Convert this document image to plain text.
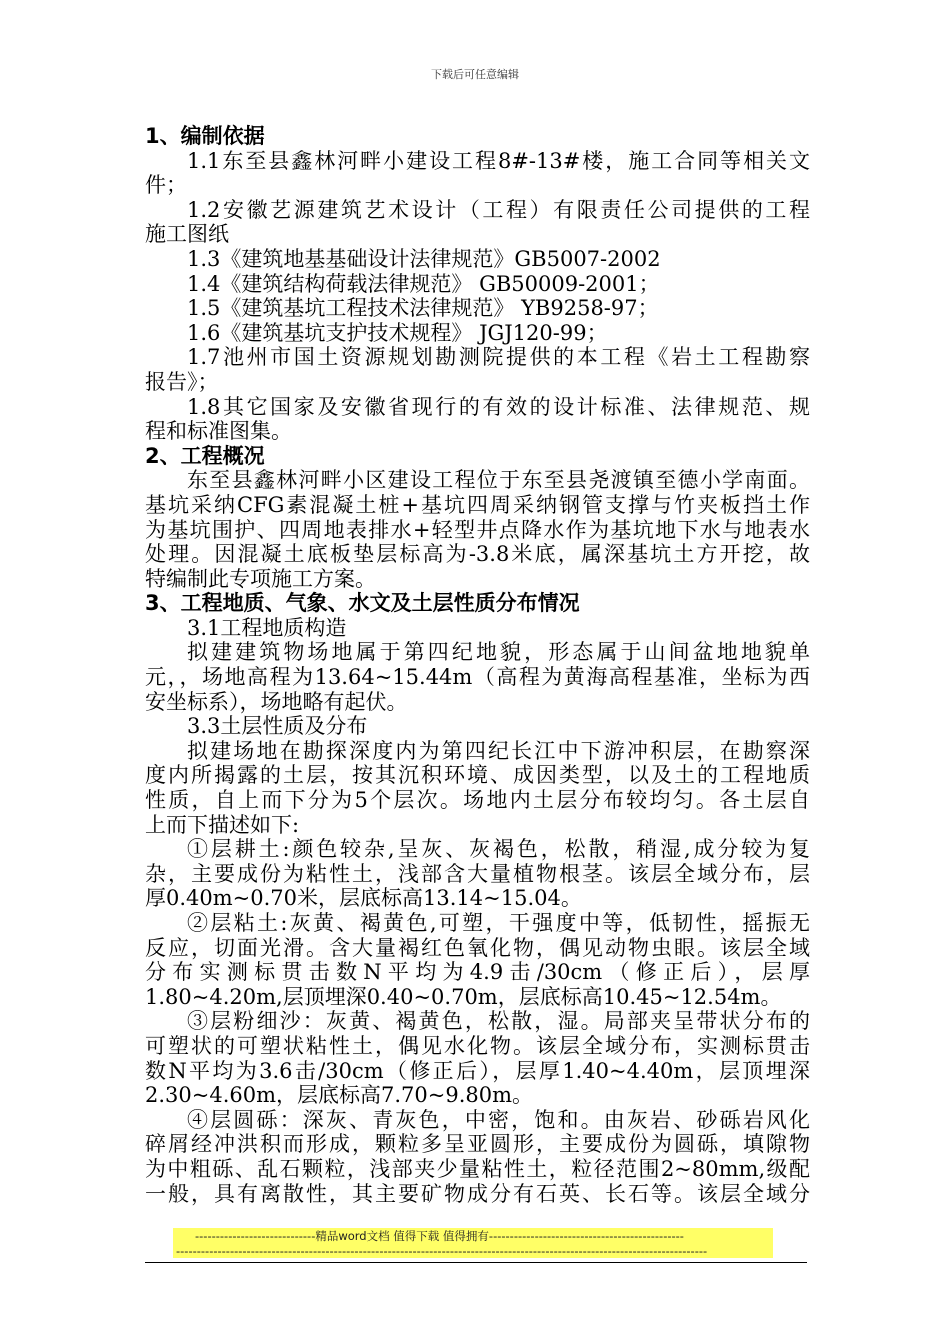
下载后可任意编辑
1、编制依据
1.1东至县鑫林河畔小建设工程8#-13#楼，施工合同等相关文
件；
1.2安徽艺源建筑艺术设计（工程）有限责任公司提供的工程
施工图纸
1.3《建筑地基基础设计法律规范》GB5007-2002
1.4《建筑结构荷载法律规范》 GB50009-2001；
1.5《建筑基坑工程技术法律规范》 YB9258-97；
1.6《建筑基坑支护技术规程》 JGJ120-99；
1.7池州市国土资源规划勘测院提供的本工程《岩土工程勘察
报告》；
1.8其它国家及安徽省现行的有效的设计标准、法律规范、规
程和标准图集。
2、工程概况
东至县鑫林河畔小区建设工程位于东至县尧渡镇至德小学南面。
基坑采纳CFG素混凝土桩+基坑四周采纳钢管支撑与竹夹板挡土作
为基坑围护、四周地表排水+轻型井点降水作为基坑地下水与地表水
处理。因混凝土底板垫层标高为-3.8米底，属深基坑土方开挖，故
特编制此专项施工方案。
3、工程地质、气象、水文及土层性质分布情况
3.1工程地质构造
拟建建筑物场地属于第四纪地貌，形态属于山间盆地地貌单
元，，场地高程为13.64~15.44m（高程为黄海高程基准，坐标为西
安坐标系），场地略有起伏。
3.3土层性质及分布
拟建场地在勘探深度内为第四纪长江中下游冲积层，在勘察深
度内所揭露的土层，按其沉积环境、成因类型，以及土的工程地质
性质，自上而下分为5个层次。场地内土层分布较均匀。各土层自
上而下描述如下:
①层耕土:颜色较杂,呈灰、灰褐色，松散，稍湿,成分较为复
杂，主要成份为粘性土，浅部含大量植物根茎。该层全域分布，层
厚0.40m~0.70米，层底标高13.14~15.04。
②层粘土:灰黄、褐黄色,可塑，干强度中等，低韧性，摇振无
反应，切面光滑。含大量褐红色氧化物，偶见动物虫眼。该层全域
分布实测标贯击数N平均为4.9击/30cm（修正后），层厚
1.80~4.20m,层顶埋深0.40~0.70m，层底标高10.45~12.54m。
③层粉细沙：灰黄、褐黄色，松散，湿。局部夹呈带状分布的
可塑状的可塑状粘性土，偶见水化物。该层全域分布，实测标贯击
数N平均为3.6击/30cm（修正后），层厚1.40~4.40m，层顶埋深
2.30~4.60m，层底标高7.70~9.80m。
④层圆砾：深灰、青灰色，中密，饱和。由灰岩、砂砾岩风化
碎屑经冲洪积而形成，颗粒多呈亚圆形，主要成份为圆砾，填隙物
为中粗砾、乱石颗粒，浅部夹少量粘性土，粒径范围2~80mm,级配
一般，具有离散性，其主要矿物成分有石英、长石等。该层全域分
-----------------------------精品word文档 值得下载 值得拥有-----------------------------------------------
--------------------------------------------------------------------------------------------------------------------------------
